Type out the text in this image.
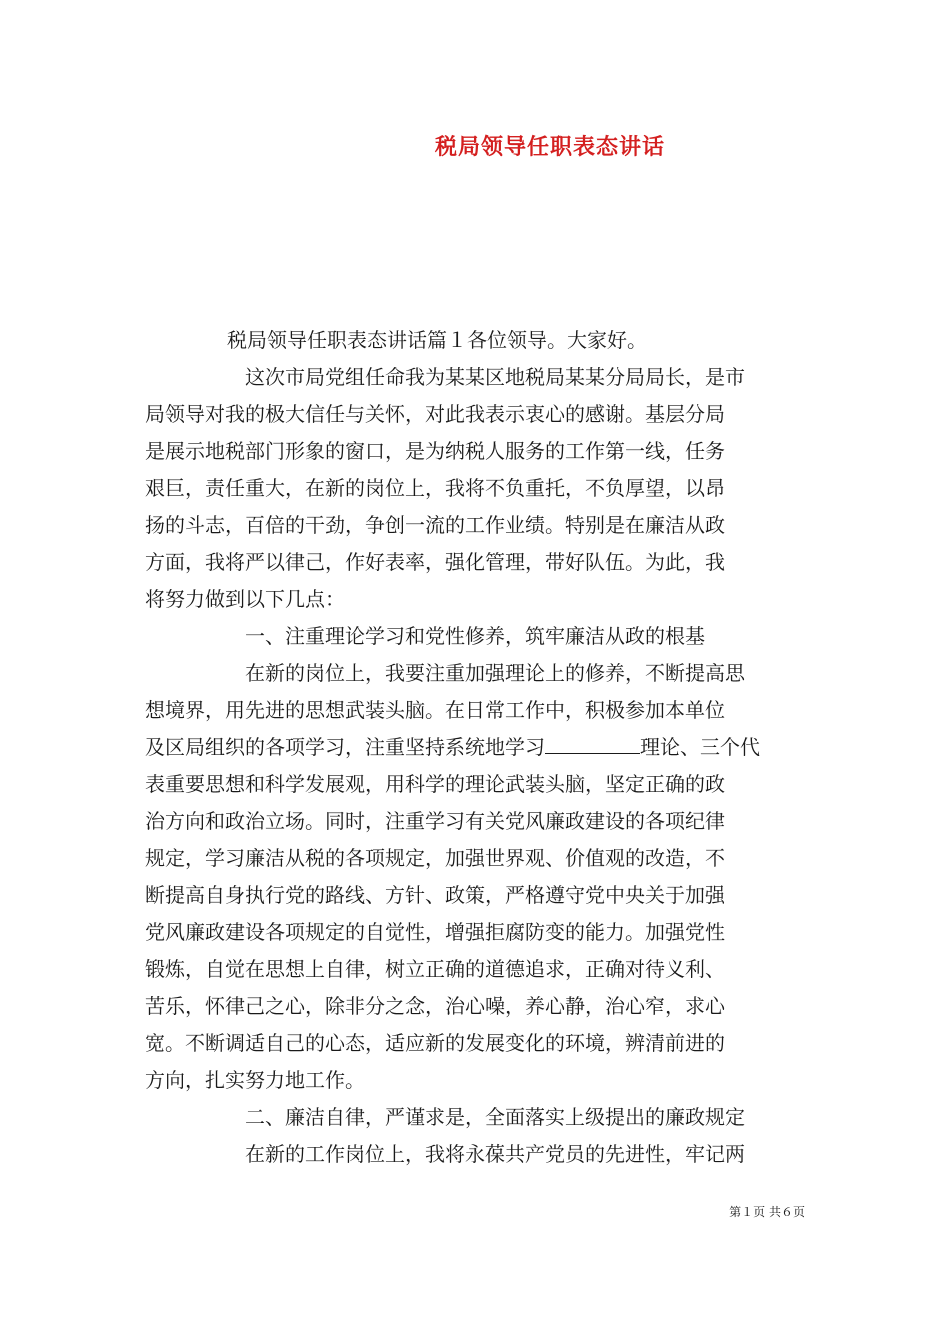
税局领导任职表态讲话
税局领导任职表态讲话篇１各位领导。大家好。
这次市局党组任命我为某某区地税局某某分局局长，是市
局领导对我的极大信任与关怀，对此我表示衷心的感谢。基层分局
是展示地税部门形象的窗口，是为纳税人服务的工作第一线，任务
艰巨，责任重大，在新的岗位上，我将不负重托，不负厚望，以昂
扬的斗志，百倍的干劲，争创一流的工作业绩。特别是在廉洁从政
方面，我将严以律己，作好表率，强化管理，带好队伍。为此，我
将努力做到以下几点：
一、注重理论学习和党性修养，筑牢廉洁从政的根基
在新的岗位上，我要注重加强理论上的修养，不断提高思
想境界，用先进的思想武装头脑。在日常工作中，积极参加本单位
及区局组织的各项学习，注重坚持系统地学习	理论、三个代
表重要思想和科学发展观，用科学的理论武装头脑，坚定正确的政
治方向和政治立场。同时，注重学习有关党风廉政建设的各项纪律
规定，学习廉洁从税的各项规定，加强世界观、价值观的改造，不
断提高自身执行党的路线、方针、政策，严格遵守党中央关于加强
党风廉政建设各项规定的自觉性，增强拒腐防变的能力。加强党性
锻炼，自觉在思想上自律，树立正确的道德追求，正确对待义利、
苦乐，怀律己之心，除非分之念，治心噪，养心静，治心窄，求心
宽。不断调适自己的心态，适应新的发展变化的环境，辨清前进的
方向，扎实努力地工作。
二、廉洁自律，严谨求是，全面落实上级提出的廉政规定
在新的工作岗位上，我将永葆共产党员的先进性，牢记两
第１页 共６页
